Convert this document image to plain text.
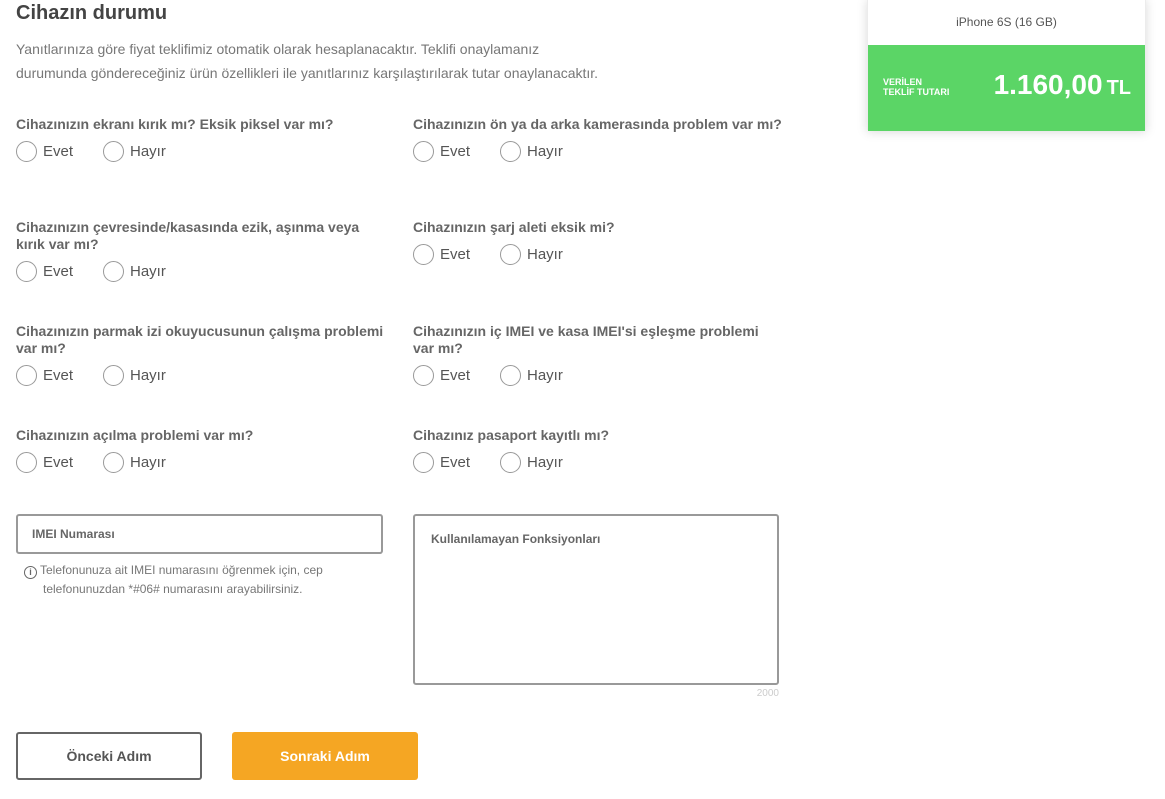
Cihazın durumu
Yanıtlarınıza göre fiyat teklifimiz otomatik olarak hesaplanacaktır. Teklifi onaylamanız
durumunda göndereceğiniz ürün özellikleri ile yanıtlarınız karşılaştırılarak tutar onaylanacaktır.
Cihazınızın ekranı kırık mı? Eksik piksel var mı?
Evet	Hayır
Cihazınızın ön ya da arka kamerasında problem var mı?
Evet	Hayır
Cihazınızın çevresinde/kasasında ezik, aşınma veya kırık var mı?
Evet	Hayır
Cihazınızın şarj aleti eksik mi?
Evet	Hayır
Cihazınızın parmak izi okuyucusunun çalışma problemi var mı?
Evet	Hayır
Cihazınızın iç IMEI ve kasa IMEI'si eşleşme problemi var mı?
Evet	Hayır
Cihazınızın açılma problemi var mı?
Evet	Hayır
Cihazınız pasaport kayıtlı mı?
Evet	Hayır
IMEI Numarası
i Telefonunuza ait IMEI numarasını öğrenmek için, cep
telefonunuzdan *#06# numarasını arayabilirsiniz.
Kullanılamayan Fonksiyonları
2000
Önceki Adım	Sonraki Adım
iPhone 6S (16 GB)
VERİLEN
TEKLİF TUTARI 1.160,00 TL
